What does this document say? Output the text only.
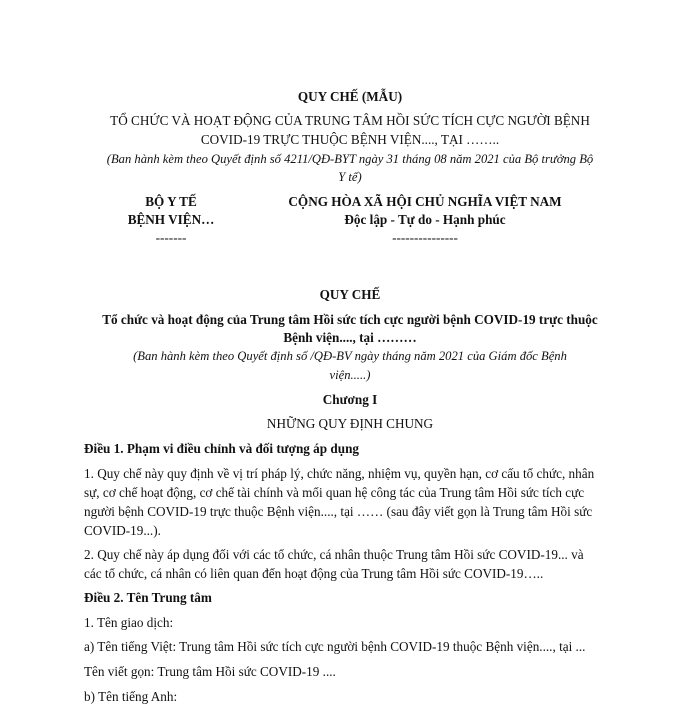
QUY CHẾ (MẪU)
TỔ CHỨC VÀ HOẠT ĐỘNG CỦA TRUNG TÂM HỒI SỨC TÍCH CỰC NGƯỜI BỆNH
COVID-19 TRỰC THUỘC BỆNH VIỆN...., TẠI ……..
(Ban hành kèm theo Quyết định số 4211/QĐ-BYT ngày 31 tháng 08 năm 2021 của Bộ trưởng Bộ
Y tế)
BỘ Y TẾ
BỆNH VIỆN…
-------
CỘNG HÒA XÃ HỘI CHỦ NGHĨA VIỆT NAM
Độc lập - Tự do - Hạnh phúc
---------------
QUY CHẾ
Tổ chức và hoạt động của Trung tâm Hồi sức tích cực người bệnh COVID-19 trực thuộc
Bệnh viện...., tại ………
(Ban hành kèm theo Quyết định số /QĐ-BV ngày tháng năm 2021 của Giám đốc Bệnh
viện.....)
Chương I
NHỮNG QUY ĐỊNH CHUNG
Điều 1. Phạm vi điều chỉnh và đối tượng áp dụng
1. Quy chế này quy định về vị trí pháp lý, chức năng, nhiệm vụ, quyền hạn, cơ cấu tổ chức, nhân
sự, cơ chế hoạt động, cơ chế tài chính và mối quan hệ công tác của Trung tâm Hồi sức tích cực
người bệnh COVID-19 trực thuộc Bệnh viện...., tại …… (sau đây viết gọn là Trung tâm Hồi sức
COVID-19...).
2. Quy chế này áp dụng đối với các tổ chức, cá nhân thuộc Trung tâm Hồi sức COVID-19... và
các tổ chức, cá nhân có liên quan đến hoạt động của Trung tâm Hồi sức COVID-19…..
Điều 2. Tên Trung tâm
1. Tên giao dịch:
a) Tên tiếng Việt: Trung tâm Hồi sức tích cực người bệnh COVID-19 thuộc Bệnh viện...., tại ...
Tên viết gọn: Trung tâm Hồi sức COVID-19 ....
b) Tên tiếng Anh:
